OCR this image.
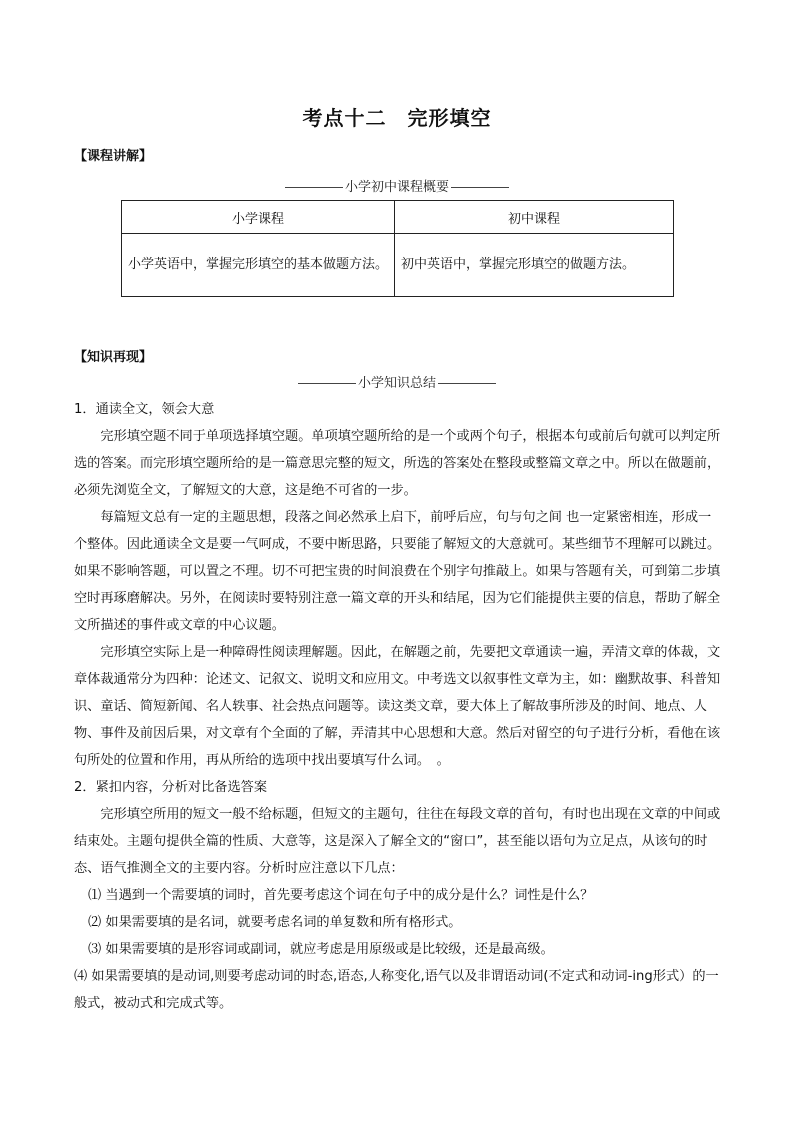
考点十二　完形填空
【课程讲解】
小学初中课程概要
小学课程	初中课程
小学英语中，掌握完形填空的基本做题方法。	初中英语中，掌握完形填空的做题方法。
【知识再现】
小学知识总结

1．通读全文，领会大意

完形填空题不同于单项选择填空题。单项填空题所给的是一个或两个句子，根据本句或前后句就可以判定所选的答案。而完形填空题所给的是一篇意思完整的短文，所选的答案处在整段或整篇文章之中。所以在做题前，必须先浏览全文，了解短文的大意，这是绝不可省的一步。

每篇短文总有一定的主题思想，段落之间必然承上启下，前呼后应，句与句之间 也一定紧密相连，形成一个整体。因此通读全文是要一气呵成，不要中断思路，只要能了解短文的大意就可。某些细节不理解可以跳过。如果不影响答题，可以置之不理。切不可把宝贵的时间浪费在个别字句推敲上。如果与答题有关，可到第二步填空时再琢磨解决。另外，在阅读时要特别注意一篇文章的开头和结尾，因为它们能提供主要的信息，帮助了解全文所描述的事件或文章的中心议题。

完形填空实际上是一种障碍性阅读理解题。因此，在解题之前，先要把文章通读一遍，弄清文章的体裁，文章体裁通常分为四种：论述文、记叙文、说明文和应用文。中考选文以叙事性文章为主，如：幽默故事、科普知识、童话、简短新闻、名人轶事、社会热点问题等。读这类文章，要大体上了解故事所涉及的时间、地点、人物、事件及前因后果，对文章有个全面的了解，弄清其中心思想和大意。然后对留空的句子进行分析，看他在该句所处的位置和作用，再从所给的选项中找出要填写什么词。　。

2．紧扣内容，分析对比备选答案

完形填空所用的短文一般不给标题，但短文的主题句，往往在每段文章的首句，有时也出现在文章的中间或结束处。主题句提供全篇的性质、大意等，这是深入了解全文的“窗口”，甚至能以语句为立足点，从该句的时态、语气推测全文的主要内容。分析时应注意以下几点：

⑴ 当遇到一个需要填的词时，首先要考虑这个词在句子中的成分是什么？词性是什么？

⑵ 如果需要填的是名词，就要考虑名词的单复数和所有格形式。

⑶ 如果需要填的是形容词或副词，就应考虑是用原级或是比较级，还是最高级。

⑷ 如果需要填的是动词,则要考虑动词的时态,语态,人称变化,语气以及非谓语动词(不定式和动词-ing形式）的一般式，被动式和完成式等。
